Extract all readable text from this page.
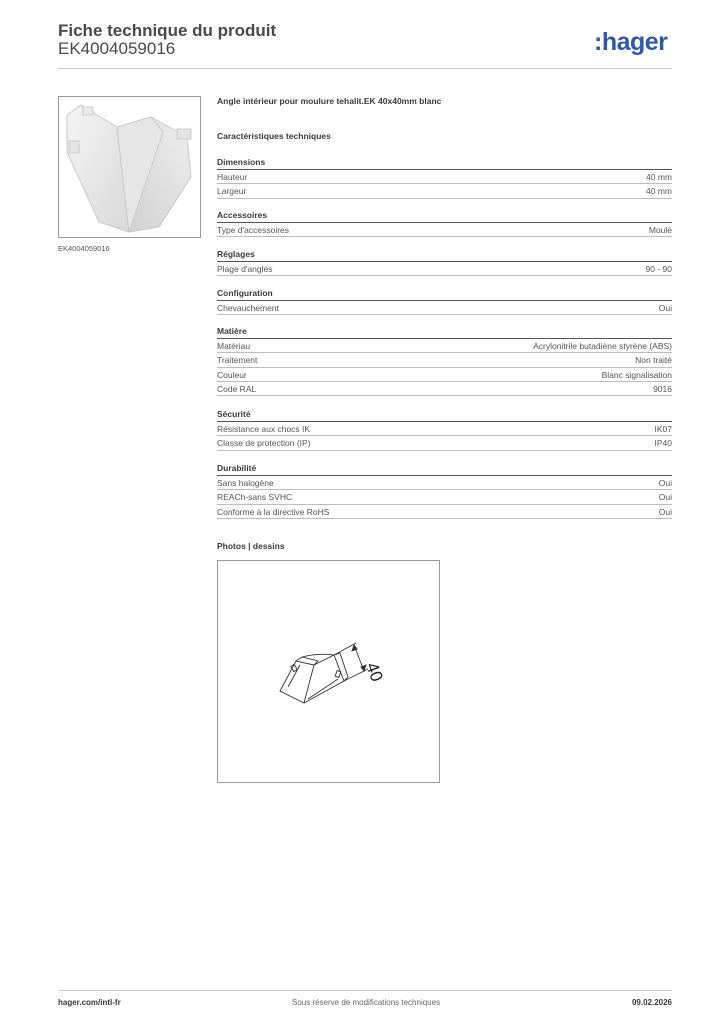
Fiche technique du produit
EK4004059016	:hager
EK4004059016
Angle intérieur pour moulure tehalit.EK 40x40mm blanc
Caractéristiques techniques
Dimensions
Hauteur	40 mm
Largeur	40 mm
Accessoires
Type d'accessoires	Moulé
Réglages
Plage d'angles	90 - 90
Configuration
Chevauchement	Oui
Matière
Matériau	Acrylonitrile butadiène styrène (ABS)
Traitement	Non traité
Couleur	Blanc signalisation
Code RAL	9016
Sécurité
Résistance aux chocs IK	IK07
Classe de protection (IP)	IP40
Durabilité
Sans halogène	Oui
REACh-sans SVHC	Oui
Conforme à la directive RoHS	Oui
Photos | dessins
40
hager.com/intl-fr	Sous réserve de modifications techniques	09.02.2026
